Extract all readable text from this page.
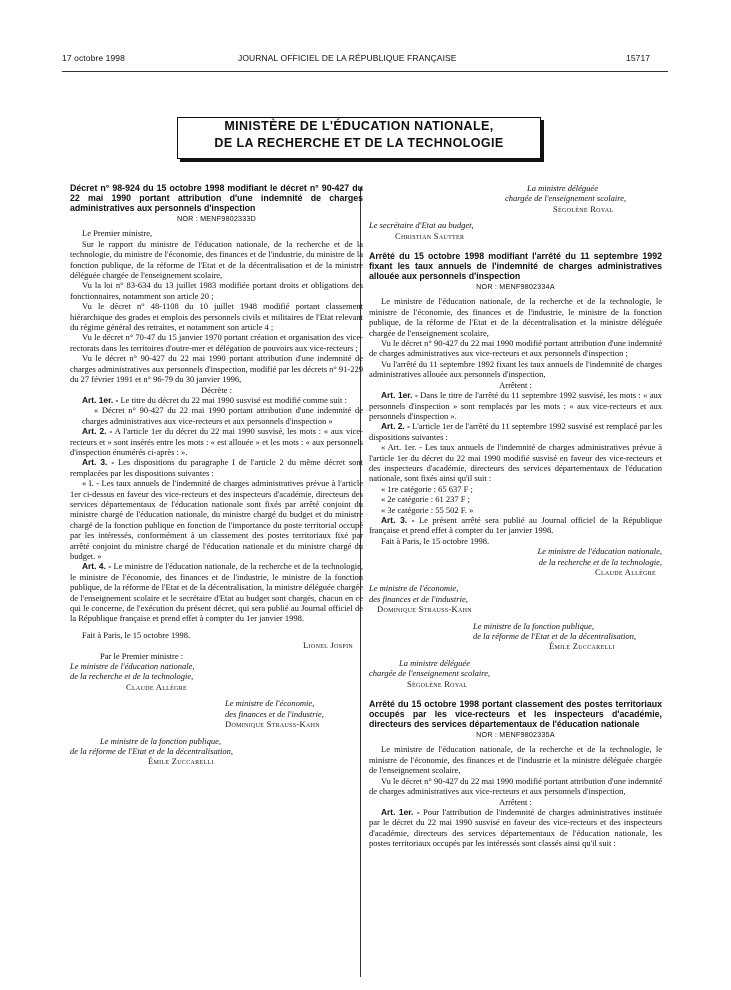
17 octobre 1998	JOURNAL OFFICIEL DE LA RÉPUBLIQUE FRANÇAISE	15717
MINISTÈRE DE L'ÉDUCATION NATIONALE,
DE LA RECHERCHE ET DE LA TECHNOLOGIE
Décret n° 98-924 du 15 octobre 1998 modifiant le décret n° 90-427 du 22 mai 1990 portant attribution d'une indemnité de charges administratives aux personnels d'inspection
NOR : MENF9802333D

Le Premier ministre,

Sur le rapport du ministre de l'éducation nationale, de la recherche et de la technologie, du ministre de l'économie, des finances et de l'industrie, du ministre de la fonction publique, de la réforme de l'Etat et de la décentralisation et de la ministre déléguée chargée de l'enseignement scolaire,

Vu la loi n° 83-634 du 13 juillet 1983 modifiée portant droits et obligations des fonctionnaires, notamment son article 20 ;

Vu le décret n° 48-1108 du 10 juillet 1948 modifié portant classement hiérarchique des grades et emplois des personnels civils et militaires de l'Etat relevant du régime général des retraites, et notamment son article 4 ;

Vu le décret n° 70-47 du 15 janvier 1970 portant création et organisation des vice-rectorats dans les territoires d'outre-mer et délégation de pouvoirs aux vice-recteurs ;

Vu le décret n° 90-427 du 22 mai 1990 portant attribution d'une indemnité de charges administratives aux personnels d'inspection, modifié par les décrets n° 91-229 du 27 février 1991 et n° 96-79 du 30 janvier 1996,

Décrète :

Art. 1er. - Le titre du décret du 22 mai 1990 susvisé est modifié comme suit :

« Décret n° 90-427 du 22 mai 1990 portant attribution d'une indemnité de charges administratives aux vice-recteurs et aux personnels d'inspection »

Art. 2. - A l'article 1er du décret du 22 mai 1990 susvisé, les mots : « aux vice-recteurs et » sont insérés entre les mots : « est allouée » et les mots : « aux personnels d'inspection énumérés ci-après : ».

Art. 3. - Les dispositions du paragraphe I de l'article 2 du même décret sont remplacées par les dispositions suivantes :

« I. - Les taux annuels de l'indemnité de charges administratives prévue à l'article 1er ci-dessus en faveur des vice-recteurs et des inspecteurs d'académie, directeurs des services départementaux de l'éducation nationale sont fixés par arrêté conjoint du ministre chargé de l'éducation nationale, du ministre chargé du budget et du ministre chargé de la fonction publique en fonction de l'importance du poste territorial occupé par les intéressés, conformément à un classement des postes territoriaux fixé par arrêté conjoint du ministre chargé de l'éducation nationale et du ministre chargé du budget. »

Art. 4. - Le ministre de l'éducation nationale, de la recherche et de la technologie, le ministre de l'économie, des finances et de l'industrie, le ministre de la fonction publique, de la réforme de l'Etat et de la décentralisation, la ministre déléguée chargée de l'enseignement scolaire et le secrétaire d'Etat au budget sont chargés, chacun en ce qui le concerne, de l'exécution du présent décret, qui sera publié au Journal officiel de la République française et prend effet à compter du 1er janvier 1998.

Fait à Paris, le 15 octobre 1998.

Lionel Jospin
Par le Premier ministre :
Le ministre de l'éducation nationale,
de la recherche et de la technologie,
Claude Allègre
Le ministre de l'économie,
des finances et de l'industrie,
Dominique Strauss-Kahn
Le ministre de la fonction publique,
de la réforme de l'Etat et de la décentralisation,
Émile Zuccarelli
La ministre déléguée
chargée de l'enseignement scolaire,
Ségolène Royal
Le secrétaire d'Etat au budget,
Christian Sautter
Arrêté du 15 octobre 1998 modifiant l'arrêté du 11 septembre 1992 fixant les taux annuels de l'indemnité de charges administratives allouée aux personnels d'inspection
NOR : MENF9802334A

Le ministre de l'éducation nationale, de la recherche et de la technologie, le ministre de l'économie, des finances et de l'industrie, le ministre de la fonction publique, de la réforme de l'Etat et de la décentralisation et la ministre déléguée chargée de l'enseignement scolaire,

Vu le décret n° 90-427 du 22 mai 1990 modifié portant attribution d'une indemnité de charges administratives aux vice-recteurs et aux personnels d'inspection ;

Vu l'arrêté du 11 septembre 1992 fixant les taux annuels de l'indemnité de charges administratives allouée aux personnels d'inspection,

Arrêtent :

Art. 1er. - Dans le titre de l'arrêté du 11 septembre 1992 susvisé, les mots : « aux personnels d'inspection » sont remplacés par les mots : « aux vice-recteurs et aux personnels d'inspection ».

Art. 2. - L'article 1er de l'arrêté du 11 septembre 1992 susvisé est remplacé par les dispositions suivantes :

« Art. 1er. - Les taux annuels de l'indemnité de charges administratives prévue à l'article 1er du décret du 22 mai 1990 modifié susvisé en faveur des vice-recteurs et des inspecteurs d'académie, directeurs des services départementaux de l'éducation nationale, sont fixés ainsi qu'il suit :

« 1re catégorie : 65 637 F ;

« 2e catégorie : 61 237 F ;

« 3e catégorie : 55 502 F. »

Art. 3. - Le présent arrêté sera publié au Journal officiel de la République française et prend effet à compter du 1er janvier 1998.

Fait à Paris, le 15 octobre 1998.

Le ministre de l'éducation nationale,
de la recherche et de la technologie,
Claude Allègre
Le ministre de l'économie,
des finances et de l'industrie,
Dominique Strauss-Kahn
Le ministre de la fonction publique,
de la réforme de l'Etat et de la décentralisation,
Émile Zuccarelli
La ministre déléguée
chargée de l'enseignement scolaire,
Ségolène Royal
Arrêté du 15 octobre 1998 portant classement des postes territoriaux occupés par les vice-recteurs et les inspecteurs d'académie, directeurs des services départementaux de l'éducation nationale
NOR : MENF9802335A

Le ministre de l'éducation nationale, de la recherche et de la technologie, le ministre de l'économie, des finances et de l'industrie et la ministre déléguée chargée de l'enseignement scolaire,

Vu le décret n° 90-427 du 22 mai 1990 modifié portant attribution d'une indemnité de charges administratives aux vice-recteurs et aux personnels d'inspection,

Arrêtent :

Art. 1er. - Pour l'attribution de l'indemnité de charges administratives instituée par le décret du 22 mai 1990 susvisé en faveur des vice-recteurs et des inspecteurs d'académie, directeurs des services départementaux de l'éducation nationale, les postes territoriaux occupés par les intéressés sont classés ainsi qu'il suit :
